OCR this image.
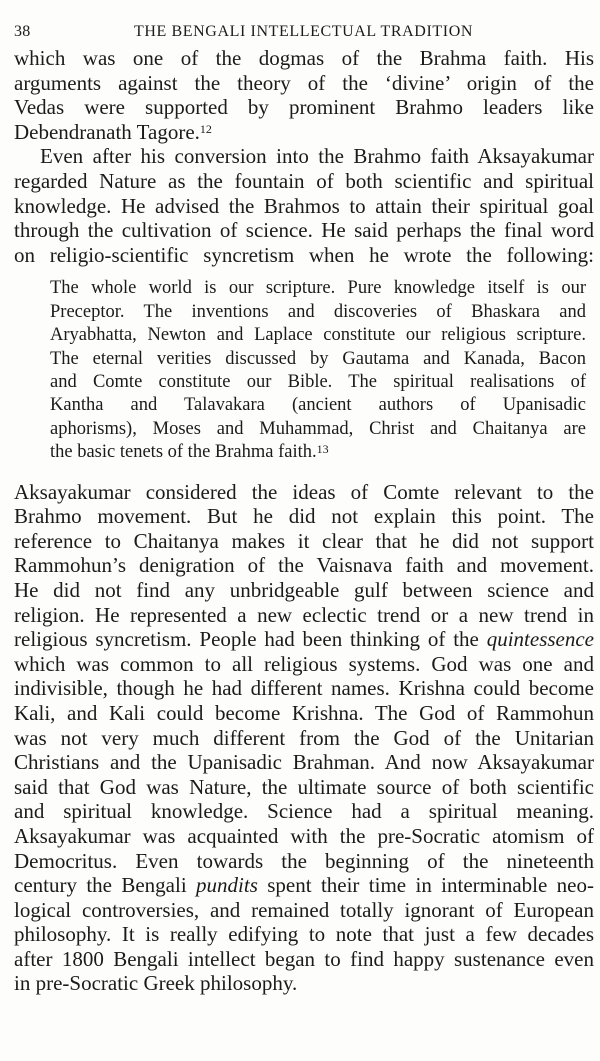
38	THE BENGALI INTELLECTUAL TRADITION

which was one of the dogmas of the Brahma faith. His
arguments against the theory of the ‘divine’ origin of the
Vedas were supported by prominent Brahmo leaders like
Debendranath Tagore.$^{12}$

Even after his conversion into the Brahmo faith Aksayakumar
regarded Nature as the fountain of both scientific and spiritual
knowledge. He advised the Brahmos to attain their spiritual goal
through the cultivation of science. He said perhaps the final word
on religio-scientific syncretism when he wrote the following:

The whole world is our scripture. Pure knowledge itself is our
Preceptor. The inventions and discoveries of Bhaskara and
Aryabhatta, Newton and Laplace constitute our religious scripture.
The eternal verities discussed by Gautama and Kanada, Bacon
and Comte constitute our Bible. The spiritual realisations of
Kantha and Talavakara (ancient authors of Upanisadic
aphorisms), Moses and Muhammad, Christ and Chaitanya are
the basic tenets of the Brahma faith.$^{13}$

Aksayakumar considered the ideas of Comte relevant to the
Brahmo movement. But he did not explain this point. The
reference to Chaitanya makes it clear that he did not support
Rammohun’s denigration of the Vaisnava faith and movement.
He did not find any unbridgeable gulf between science and
religion. He represented a new eclectic trend or a new trend in
religious syncretism. People had been thinking of the quintessence
which was common to all religious systems. God was one and
indivisible, though he had different names. Krishna could become
Kali, and Kali could become Krishna. The God of Rammohun
was not very much different from the God of the Unitarian
Christians and the Upanisadic Brahman. And now Aksayakumar
said that God was Nature, the ultimate source of both scientific
and spiritual knowledge. Science had a spiritual meaning.
Aksayakumar was acquainted with the pre-Socratic atomism of
Democritus. Even towards the beginning of the nineteenth
century the Bengali pundits spent their time in interminable neo-
logical controversies, and remained totally ignorant of European
philosophy. It is really edifying to note that just a few decades
after 1800 Bengali intellect began to find happy sustenance even
in pre-Socratic Greek philosophy.
